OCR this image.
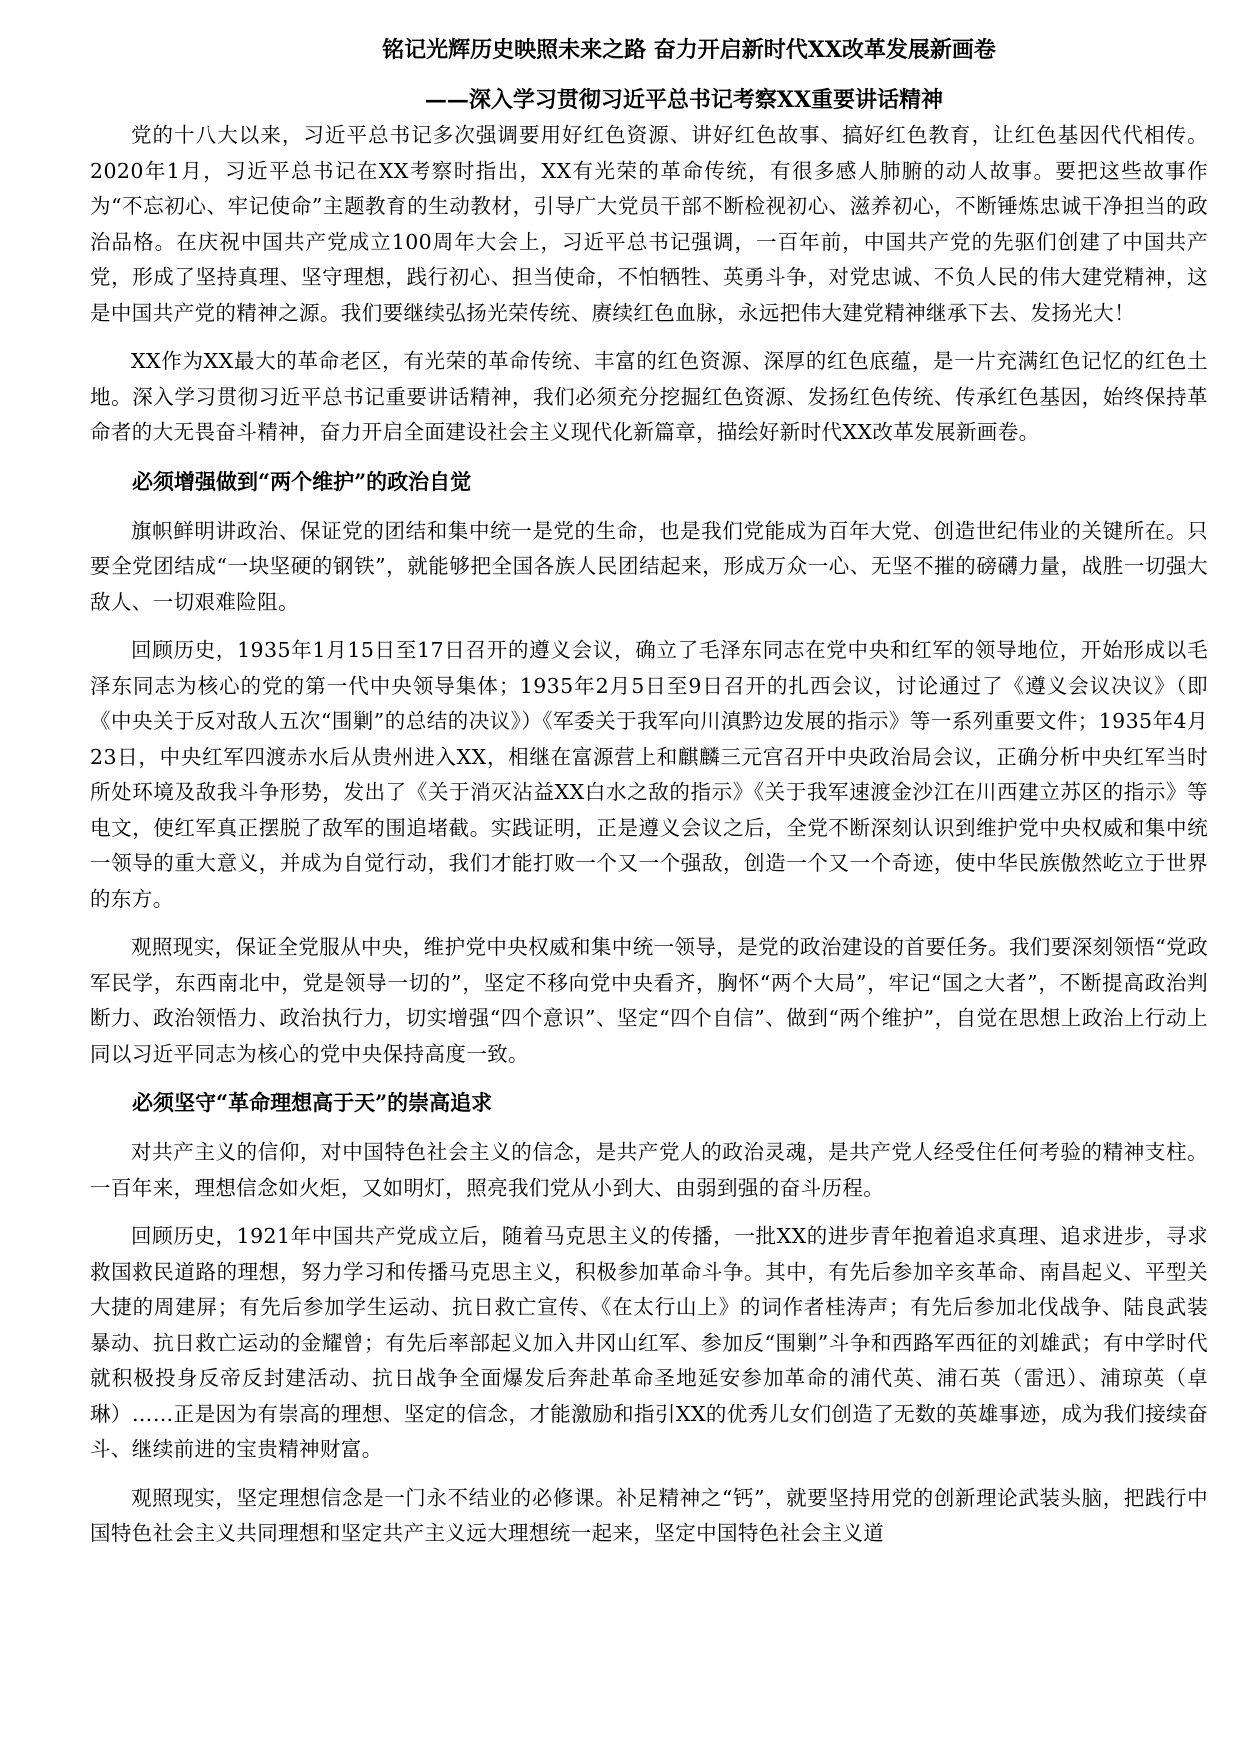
铭记光辉历史映照未来之路 奋力开启新时代XX改革发展新画卷
——深入学习贯彻习近平总书记考察XX重要讲话精神

党的十八大以来，习近平总书记多次强调要用好红色资源、讲好红色故事、搞好红色教育，让红色基因代代相传。2020年1月，习近平总书记在XX考察时指出，XX有光荣的革命传统，有很多感人肺腑的动人故事。要把这些故事作为“不忘初心、牢记使命”主题教育的生动教材，引导广大党员干部不断检视初心、滋养初心，不断锤炼忠诚干净担当的政治品格。在庆祝中国共产党成立100周年大会上，习近平总书记强调，一百年前，中国共产党的先驱们创建了中国共产党，形成了坚持真理、坚守理想，践行初心、担当使命，不怕牺牲、英勇斗争，对党忠诚、不负人民的伟大建党精神，这是中国共产党的精神之源。我们要继续弘扬光荣传统、赓续红色血脉，永远把伟大建党精神继承下去、发扬光大！

XX作为XX最大的革命老区，有光荣的革命传统、丰富的红色资源、深厚的红色底蕴，是一片充满红色记忆的红色土地。深入学习贯彻习近平总书记重要讲话精神，我们必须充分挖掘红色资源、发扬红色传统、传承红色基因，始终保持革命者的大无畏奋斗精神，奋力开启全面建设社会主义现代化新篇章，描绘好新时代XX改革发展新画卷。

必须增强做到“两个维护”的政治自觉

旗帜鲜明讲政治、保证党的团结和集中统一是党的生命，也是我们党能成为百年大党、创造世纪伟业的关键所在。只要全党团结成“一块坚硬的钢铁”，就能够把全国各族人民团结起来，形成万众一心、无坚不摧的磅礴力量，战胜一切强大敌人、一切艰难险阻。

回顾历史，1935年1月15日至17日召开的遵义会议，确立了毛泽东同志在党中央和红军的领导地位，开始形成以毛泽东同志为核心的党的第一代中央领导集体；1935年2月5日至9日召开的扎西会议，讨论通过了《遵义会议决议》（即《中央关于反对敌人五次“围剿”的总结的决议》）《军委关于我军向川滇黔边发展的指示》等一系列重要文件；1935年4月23日，中央红军四渡赤水后从贵州进入XX，相继在富源营上和麒麟三元宫召开中央政治局会议，正确分析中央红军当时所处环境及敌我斗争形势，发出了《关于消灭沾益XX白水之敌的指示》《关于我军速渡金沙江在川西建立苏区的指示》等电文，使红军真正摆脱了敌军的围追堵截。实践证明，正是遵义会议之后，全党不断深刻认识到维护党中央权威和集中统一领导的重大意义，并成为自觉行动，我们才能打败一个又一个强敌，创造一个又一个奇迹，使中华民族傲然屹立于世界的东方。

观照现实，保证全党服从中央，维护党中央权威和集中统一领导，是党的政治建设的首要任务。我们要深刻领悟“党政军民学，东西南北中，党是领导一切的”，坚定不移向党中央看齐，胸怀“两个大局”，牢记“国之大者”，不断提高政治判断力、政治领悟力、政治执行力，切实增强“四个意识”、坚定“四个自信”、做到“两个维护”，自觉在思想上政治上行动上同以习近平同志为核心的党中央保持高度一致。

必须坚守“革命理想高于天”的崇高追求

对共产主义的信仰，对中国特色社会主义的信念，是共产党人的政治灵魂，是共产党人经受住任何考验的精神支柱。一百年来，理想信念如火炬，又如明灯，照亮我们党从小到大、由弱到强的奋斗历程。

回顾历史，1921年中国共产党成立后，随着马克思主义的传播，一批XX的进步青年抱着追求真理、追求进步，寻求救国救民道路的理想，努力学习和传播马克思主义，积极参加革命斗争。其中，有先后参加辛亥革命、南昌起义、平型关大捷的周建屏；有先后参加学生运动、抗日救亡宣传、《在太行山上》的词作者桂涛声；有先后参加北伐战争、陆良武装暴动、抗日救亡运动的金耀曾；有先后率部起义加入井冈山红军、参加反“围剿”斗争和西路军西征的刘雄武；有中学时代就积极投身反帝反封建活动、抗日战争全面爆发后奔赴革命圣地延安参加革命的浦代英、浦石英（雷迅）、浦琼英（卓琳）……正是因为有崇高的理想、坚定的信念，才能激励和指引XX的优秀儿女们创造了无数的英雄事迹，成为我们接续奋斗、继续前进的宝贵精神财富。

观照现实，坚定理想信念是一门永不结业的必修课。补足精神之“钙”，就要坚持用党的创新理论武装头脑，把践行中国特色社会主义共同理想和坚定共产主义远大理想统一起来，坚定中国特色社会主义道
